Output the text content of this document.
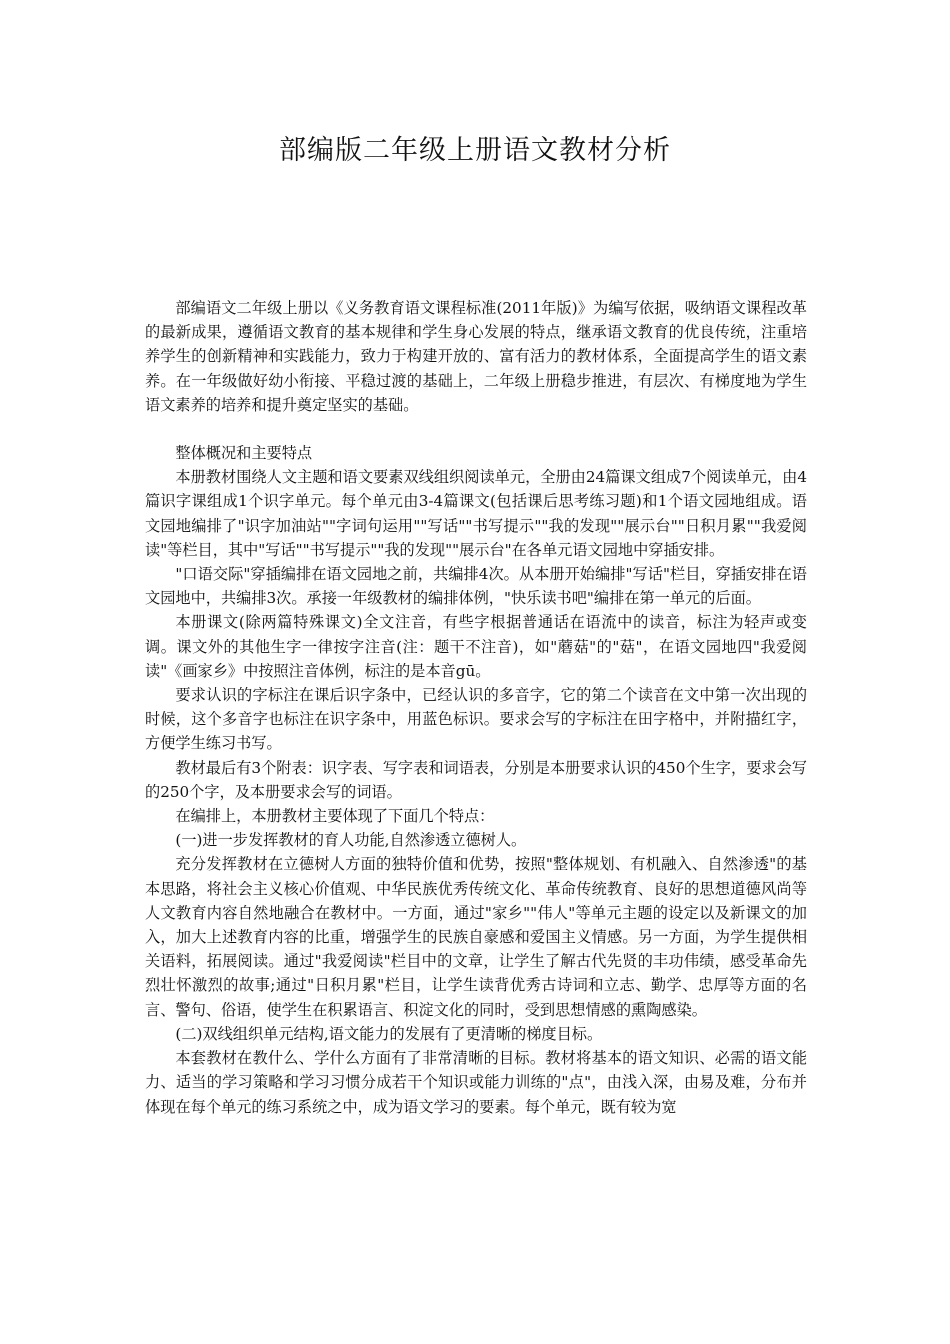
部编版二年级上册语文教材分析

部编语文二年级上册以《义务教育语文课程标准(2011年版)》为编写依据，吸纳语文课程改革的最新成果，遵循语文教育的基本规律和学生身心发展的特点，继承语文教育的优良传统，注重培养学生的创新精神和实践能力，致力于构建开放的、富有活力的教材体系，全面提高学生的语文素养。在一年级做好幼小衔接、平稳过渡的基础上，二年级上册稳步推进，有层次、有梯度地为学生语文素养的培养和提升奠定坚实的基础。

整体概况和主要特点

本册教材围绕人文主题和语文要素双线组织阅读单元，全册由24篇课文组成7个阅读单元，由4篇识字课组成1个识字单元。每个单元由3-4篇课文(包括课后思考练习题)和1个语文园地组成。语文园地编排了"识字加油站""字词句运用""写话""书写提示""我的发现""展示台""日积月累""我爱阅读"等栏目，其中"写话""书写提示""我的发现""展示台"在各单元语文园地中穿插安排。

"口语交际"穿插编排在语文园地之前，共编排4次。从本册开始编排"写话"栏目，穿插安排在语文园地中，共编排3次。承接一年级教材的编排体例，"快乐读书吧"编排在第一单元的后面。

本册课文(除两篇特殊课文)全文注音，有些字根据普通话在语流中的读音，标注为轻声或变调。课文外的其他生字一律按字注音(注：题干不注音)，如"蘑菇"的"菇"，在语文园地四"我爱阅读"《画家乡》中按照注音体例，标注的是本音gū。

要求认识的字标注在课后识字条中，已经认识的多音字，它的第二个读音在文中第一次出现的时候，这个多音字也标注在识字条中，用蓝色标识。要求会写的字标注在田字格中，并附描红字，方便学生练习书写。

教材最后有3个附表：识字表、写字表和词语表，分别是本册要求认识的450个生字，要求会写的250个字，及本册要求会写的词语。

在编排上，本册教材主要体现了下面几个特点：

(一)进一步发挥教材的育人功能,自然渗透立德树人。

充分发挥教材在立德树人方面的独特价值和优势，按照"整体规划、有机融入、自然渗透"的基本思路，将社会主义核心价值观、中华民族优秀传统文化、革命传统教育、良好的思想道德风尚等人文教育内容自然地融合在教材中。一方面，通过"家乡""伟人"等单元主题的设定以及新课文的加入，加大上述教育内容的比重，增强学生的民族自豪感和爱国主义情感。另一方面，为学生提供相关语料，拓展阅读。通过"我爱阅读"栏目中的文章，让学生了解古代先贤的丰功伟绩，感受革命先烈壮怀激烈的故事;通过"日积月累"栏目，让学生读背优秀古诗词和立志、勤学、忠厚等方面的名言、警句、俗语，使学生在积累语言、积淀文化的同时，受到思想情感的熏陶感染。

(二)双线组织单元结构,语文能力的发展有了更清晰的梯度目标。

本套教材在教什么、学什么方面有了非常清晰的目标。教材将基本的语文知识、必需的语文能力、适当的学习策略和学习习惯分成若干个知识或能力训练的"点"，由浅入深，由易及难，分布并体现在每个单元的练习系统之中，成为语文学习的要素。每个单元，既有较为宽
